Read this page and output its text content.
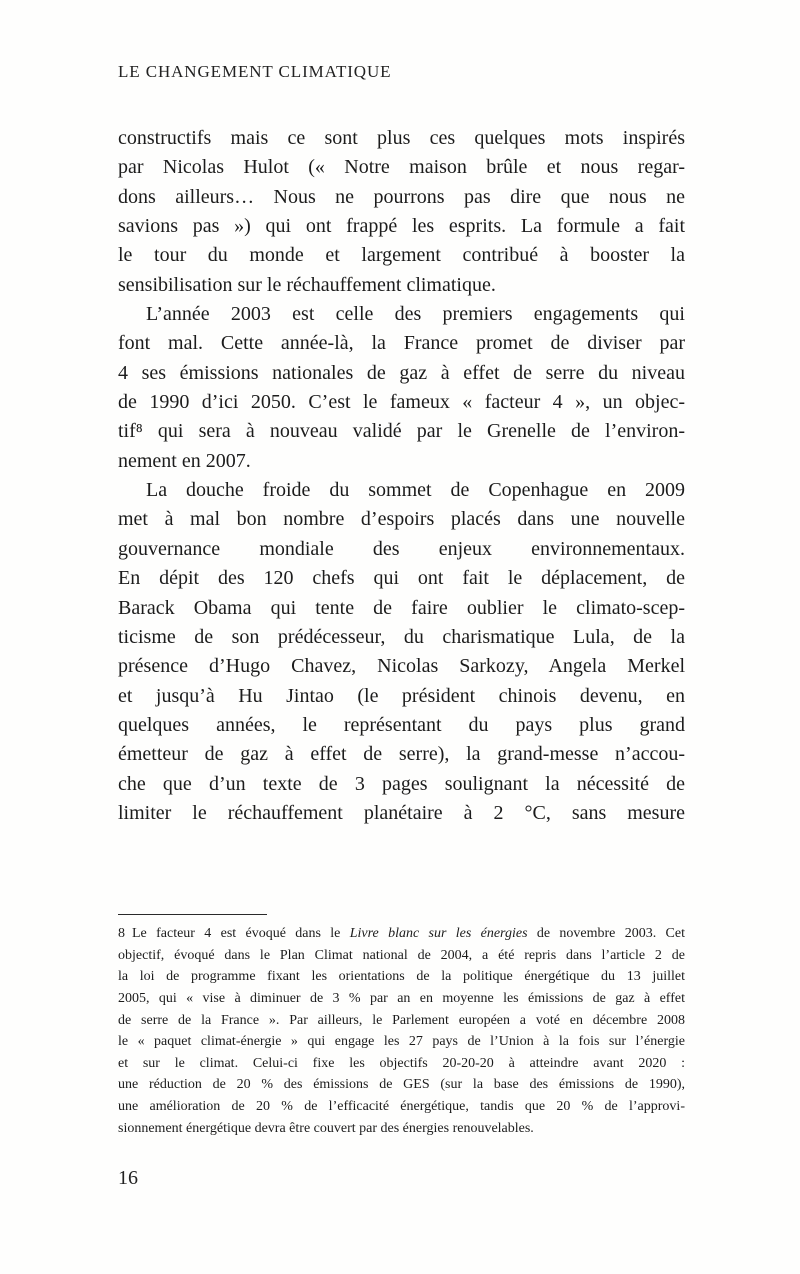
LE CHANGEMENT CLIMATIQUE
constructifs mais ce sont plus ces quelques mots inspirés
par Nicolas Hulot (« Notre maison brûle et nous regar-
dons ailleurs… Nous ne pourrons pas dire que nous ne
savions pas ») qui ont frappé les esprits. La formule a fait
le tour du monde et largement contribué à booster la
sensibilisation sur le réchauffement climatique.
L’année 2003 est celle des premiers engagements qui
font mal. Cette année-là, la France promet de diviser par
4 ses émissions nationales de gaz à effet de serre du niveau
de 1990 d’ici 2050. C’est le fameux « facteur 4 », un objec-
tif⁸ qui sera à nouveau validé par le Grenelle de l’environ-
nement en 2007.
La douche froide du sommet de Copenhague en 2009
met à mal bon nombre d’espoirs placés dans une nouvelle
gouvernance mondiale des enjeux environnementaux.
En dépit des 120 chefs qui ont fait le déplacement, de
Barack Obama qui tente de faire oublier le climato-scep-
ticisme de son prédécesseur, du charismatique Lula, de la
présence d’Hugo Chavez, Nicolas Sarkozy, Angela Merkel
et jusqu’à Hu Jintao (le président chinois devenu, en
quelques années, le représentant du pays plus grand
émetteur de gaz à effet de serre), la grand-messe n’accou-
che que d’un texte de 3 pages soulignant la nécessité de
limiter le réchauffement planétaire à 2 °C, sans mesure
8 Le facteur 4 est évoqué dans le Livre blanc sur les énergies de novembre 2003. Cet
objectif, évoqué dans le Plan Climat national de 2004, a été repris dans l’article 2 de
la loi de programme fixant les orientations de la politique énergétique du 13 juillet
2005, qui « vise à diminuer de 3 % par an en moyenne les émissions de gaz à effet
de serre de la France ». Par ailleurs, le Parlement européen a voté en décembre 2008
le « paquet climat-énergie » qui engage les 27 pays de l’Union à la fois sur l’énergie
et sur le climat. Celui-ci fixe les objectifs 20-20-20 à atteindre avant 2020 :
une réduction de 20 % des émissions de GES (sur la base des émissions de 1990),
une amélioration de 20 % de l’efficacité énergétique, tandis que 20 % de l’approvi-
sionnement énergétique devra être couvert par des énergies renouvelables.
16
